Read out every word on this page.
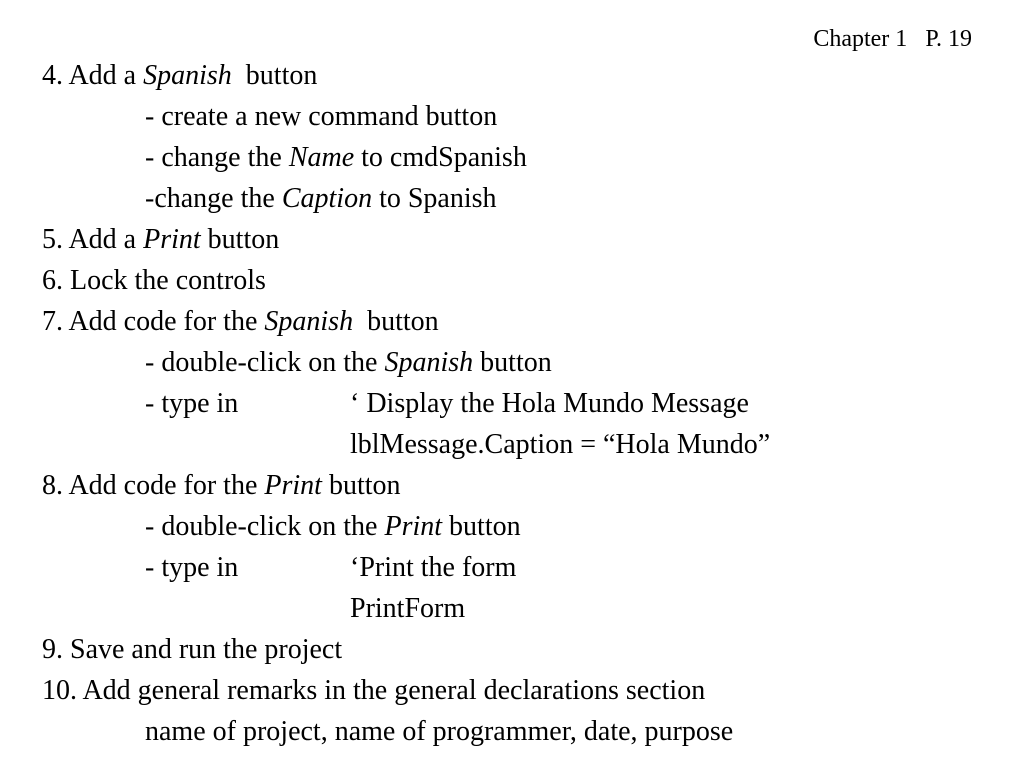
Chapter 1 P. 19
4. Add a Spanish  button
- create a new command button
- change the Name to cmdSpanish
-change the Caption to Spanish
5. Add a Print button
6. Lock the controls
7. Add code for the Spanish  button
- double-click on the Spanish button
- type in	‘ Display the Hola Mundo Message
lblMessage.Caption = “Hola Mundo”
8. Add code for the Print button
- double-click on the Print button
- type in	‘Print the form
PrintForm
9. Save and run the project
10. Add general remarks in the general declarations section
name of project, name of programmer, date, purpose
